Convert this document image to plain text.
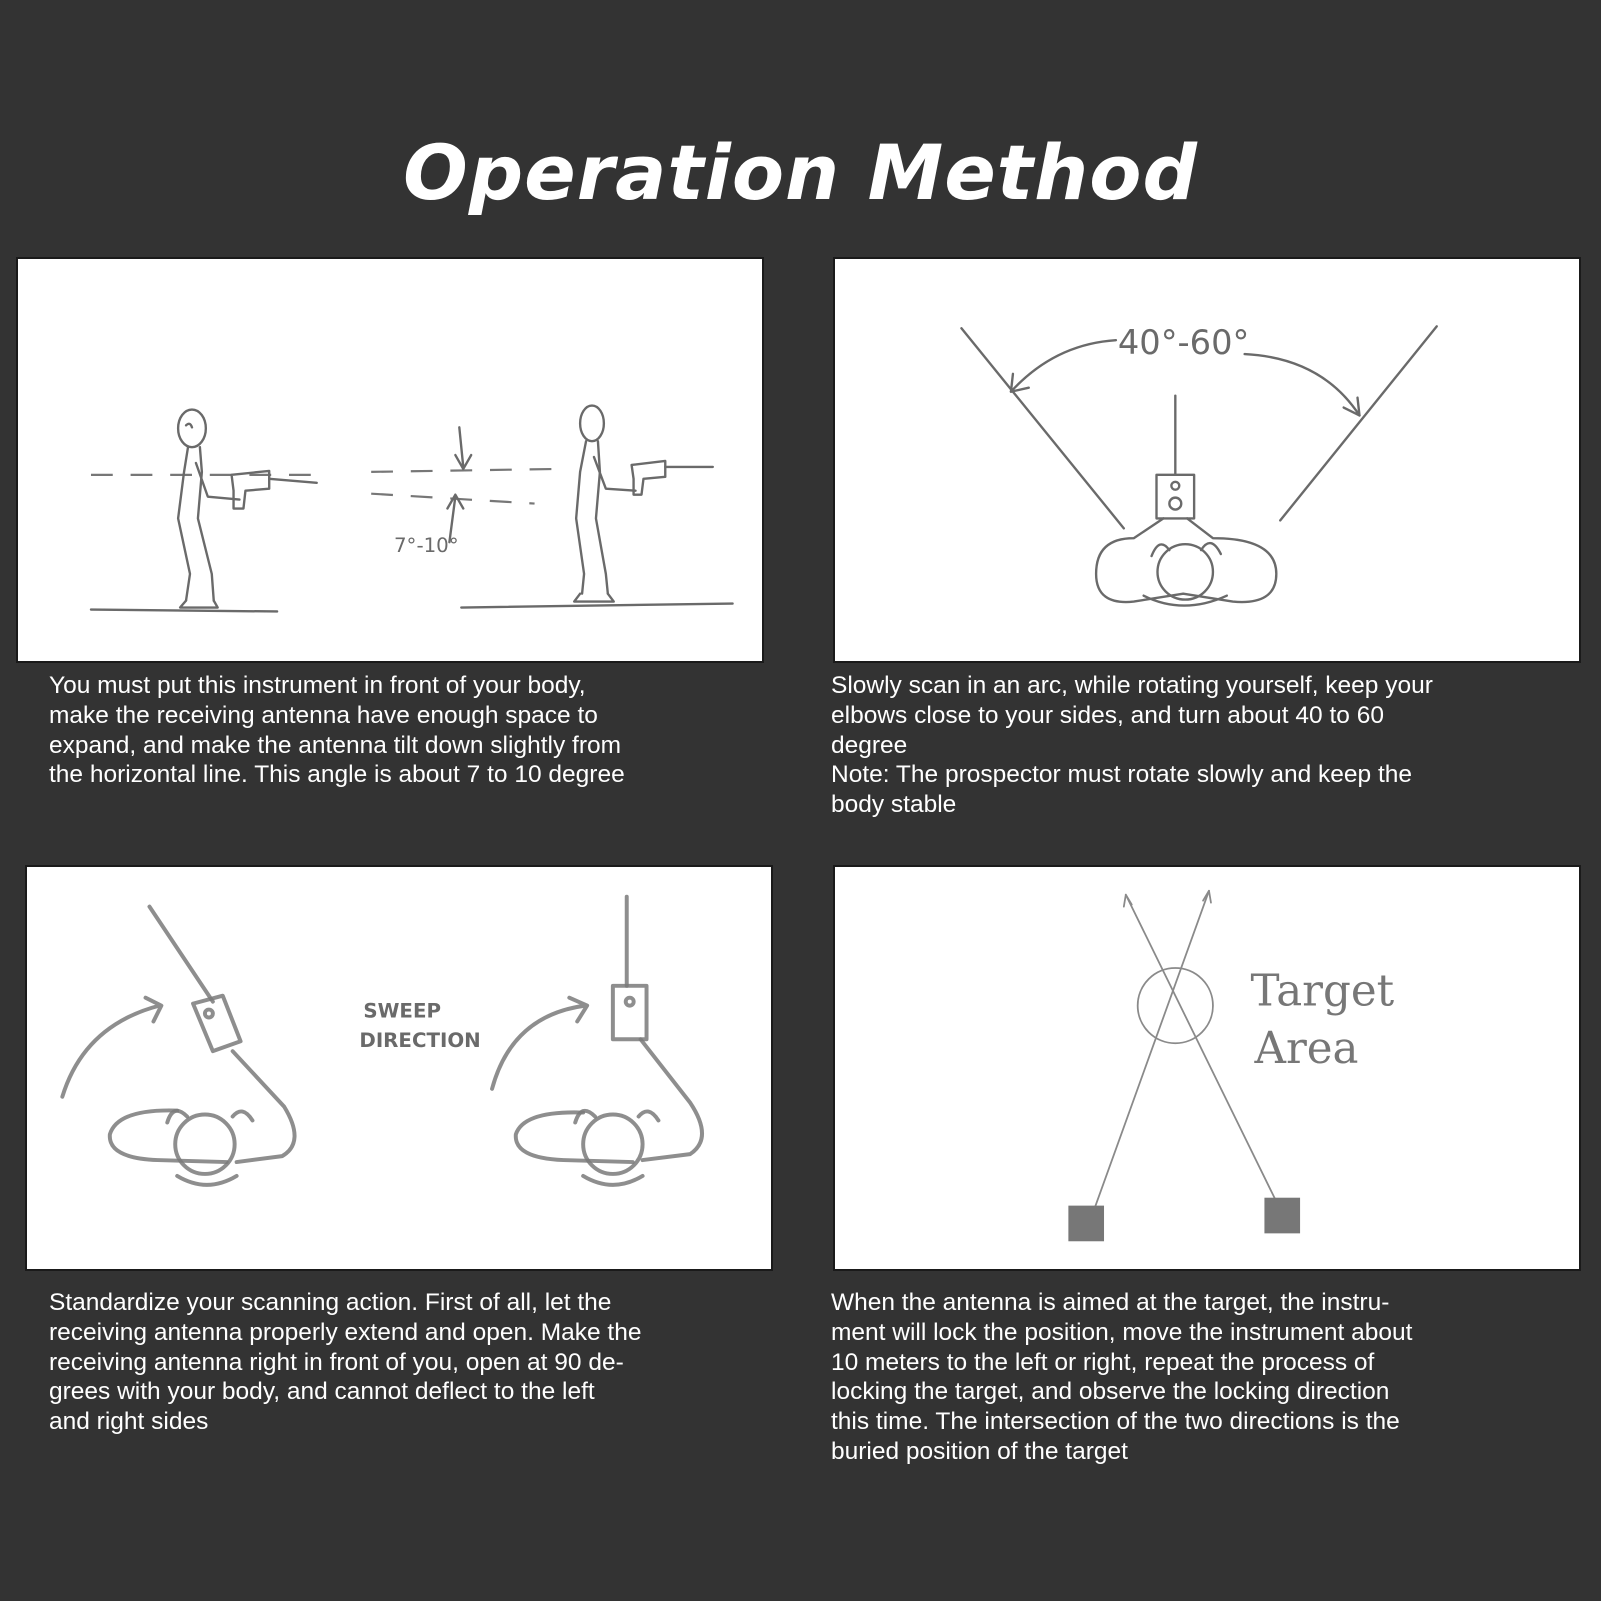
Operation Method
7°-10°
You must put this instrument in front of your body,
make the receiving antenna have enough space to
expand, and make the antenna tilt down slightly from
the horizontal line. This angle is about 7 to 10 degree
40°-60°
Slowly scan in an arc, while rotating yourself, keep your
elbows close to your sides, and turn about 40 to 60
degree
Note: The prospector must rotate slowly and keep the
body stable
SWEEP
DIRECTION
Standardize your scanning action. First of all, let the
receiving antenna properly extend and open. Make the
receiving antenna right in front of you, open at 90 de-
grees with your body, and cannot deflect to the left
and right sides
Target
Area
When the antenna is aimed at the target, the instru-
ment will lock the position, move the instrument about
10 meters to the left or right, repeat the process of
locking the target, and observe the locking direction
this time. The intersection of the two directions is the
buried position of the target
